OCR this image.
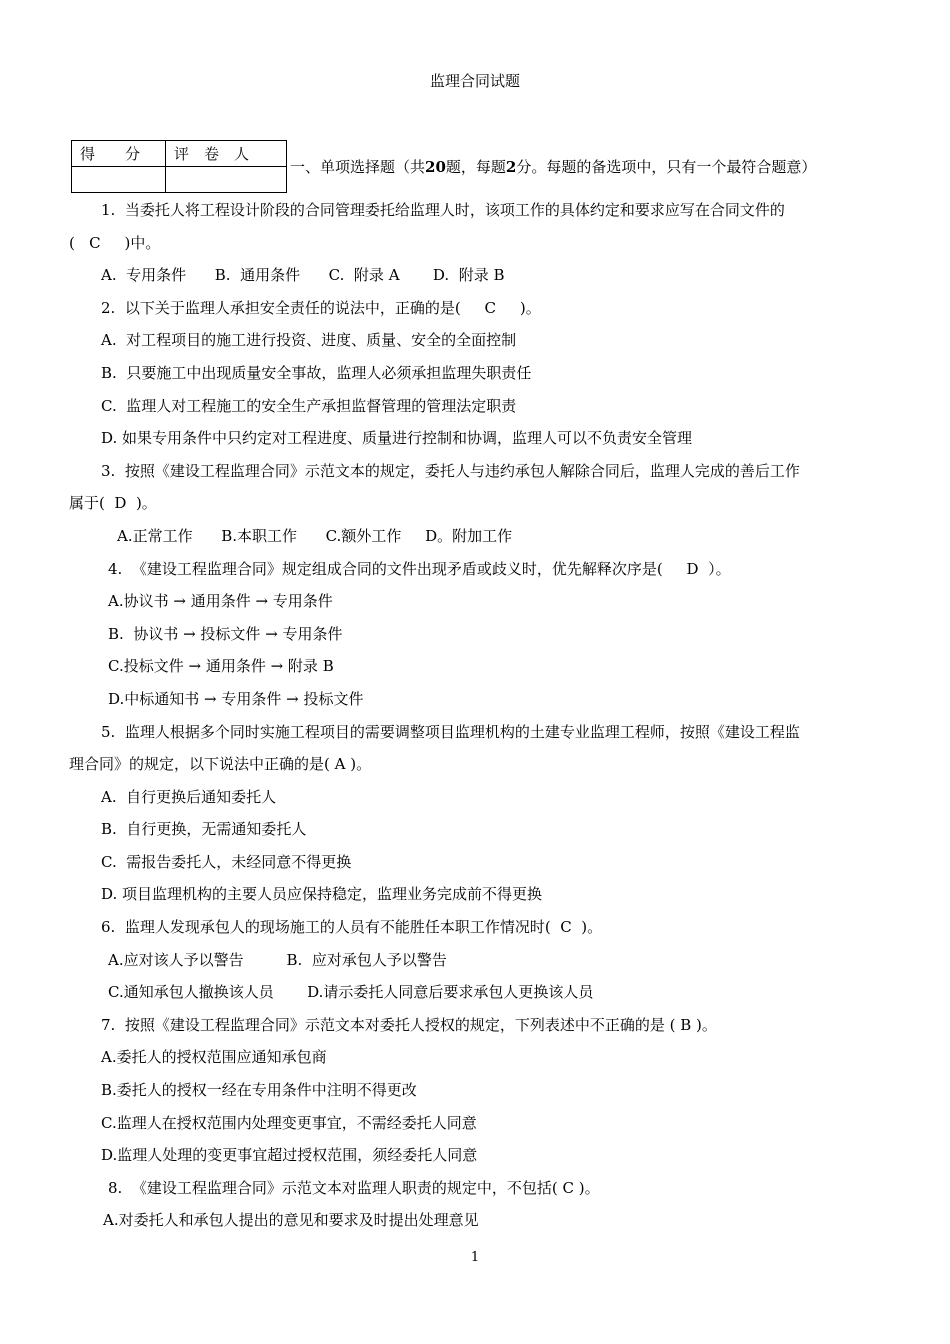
监理合同试题
得　　分	评　卷　人

一、单项选择题（共20题，每题2分。每题的备选项中，只有一个最符合题意）
1.  当委托人将工程设计阶段的合同管理委托给监理人时，该项工作的具体约定和要求应写在合同文件的
(   C     )中。
A.  专用条件      B.  通用条件      C.  附录 A       D.  附录 B
2.  以下关于监理人承担安全责任的说法中，正确的是(     C     )。
A.  对工程项目的施工进行投资、进度、质量、安全的全面控制
B.  只要施工中出现质量安全事故，监理人必须承担监理失职责任
C.  监理人对工程施工的安全生产承担监督管理的管理法定职责
D. 如果专用条件中只约定对工程进度、质量进行控制和协调，监理人可以不负责安全管理
3.  按照《建设工程监理合同》示范文本的规定，委托人与违约承包人解除合同后，监理人完成的善后工作
属于(  D  )。
A.正常工作      B.本职工作      C.额外工作     D。附加工作
4.  《建设工程监理合同》规定组成合同的文件出现矛盾或歧义时，优先解释次序是(     D  ）。
A.协议书 → 通用条件 → 专用条件
B.  协议书 → 投标文件 → 专用条件
C.投标文件 → 通用条件 → 附录 B
D.中标通知书 → 专用条件 → 投标文件
5.  监理人根据多个同时实施工程项目的需要调整项目监理机构的土建专业监理工程师，按照《建设工程监
理合同》的规定，以下说法中正确的是( A )。
A.  自行更换后通知委托人
B.  自行更换，无需通知委托人
C.  需报告委托人，未经同意不得更换
D. 项目监理机构的主要人员应保持稳定，监理业务完成前不得更换
6.  监理人发现承包人的现场施工的人员有不能胜任本职工作情况时(  C  )。
A.应对该人予以警告         B.  应对承包人予以警告
C.通知承包人撤换该人员       D.请示委托人同意后要求承包人更换该人员
7.  按照《建设工程监理合同》示范文本对委托人授权的规定，下列表述中不正确的是 ( B )。
A.委托人的授权范围应通知承包商
B.委托人的授权一经在专用条件中注明不得更改
C.监理人在授权范围内处理变更事宜，不需经委托人同意
D.监理人处理的变更事宜超过授权范围，须经委托人同意
8.  《建设工程监理合同》示范文本对监理人职责的规定中，不包括( C )。
A.对委托人和承包人提出的意见和要求及时提出处理意见
1
